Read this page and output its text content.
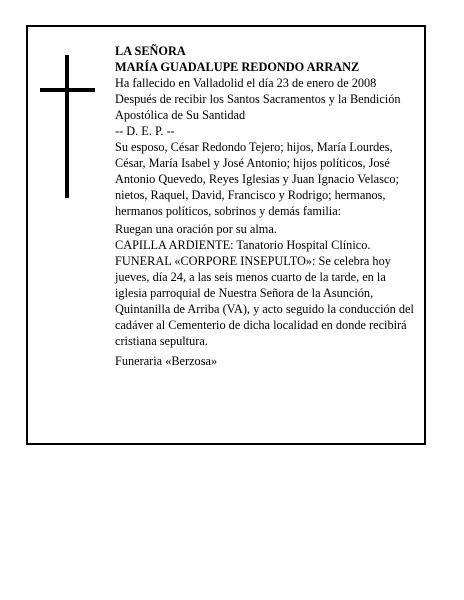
LA SEÑORA

MARÍA GUADALUPE REDONDO ARRANZ

Ha fallecido en Valladolid el día 23 de enero de 2008

Después de recibir los Santos Sacramentos y la Bendición Apostólica de Su Santidad

-- D. E. P. --

Su esposo, César Redondo Tejero; hijos, María Lourdes, César, María Isabel y José Antonio; hijos políticos, José Antonio Quevedo, Reyes Iglesias y Juan Ignacio Velasco; nietos, Raquel, David, Francisco y Rodrigo; hermanos, hermanos políticos, sobrinos y demás familia:

Ruegan una oración por su alma.

CAPILLA ARDIENTE: Tanatorio Hospital Clínico.

FUNERAL «CORPORE INSEPULTO»: Se celebra hoy jueves, día 24, a las seis menos cuarto de la tarde, en la iglesia parroquial de Nuestra Señora de la Asunción, Quintanilla de Arriba (VA), y acto seguido la conducción del cadáver al Cementerio de dicha localidad en donde recibirá cristiana sepultura.

Funeraria «Berzosa»
